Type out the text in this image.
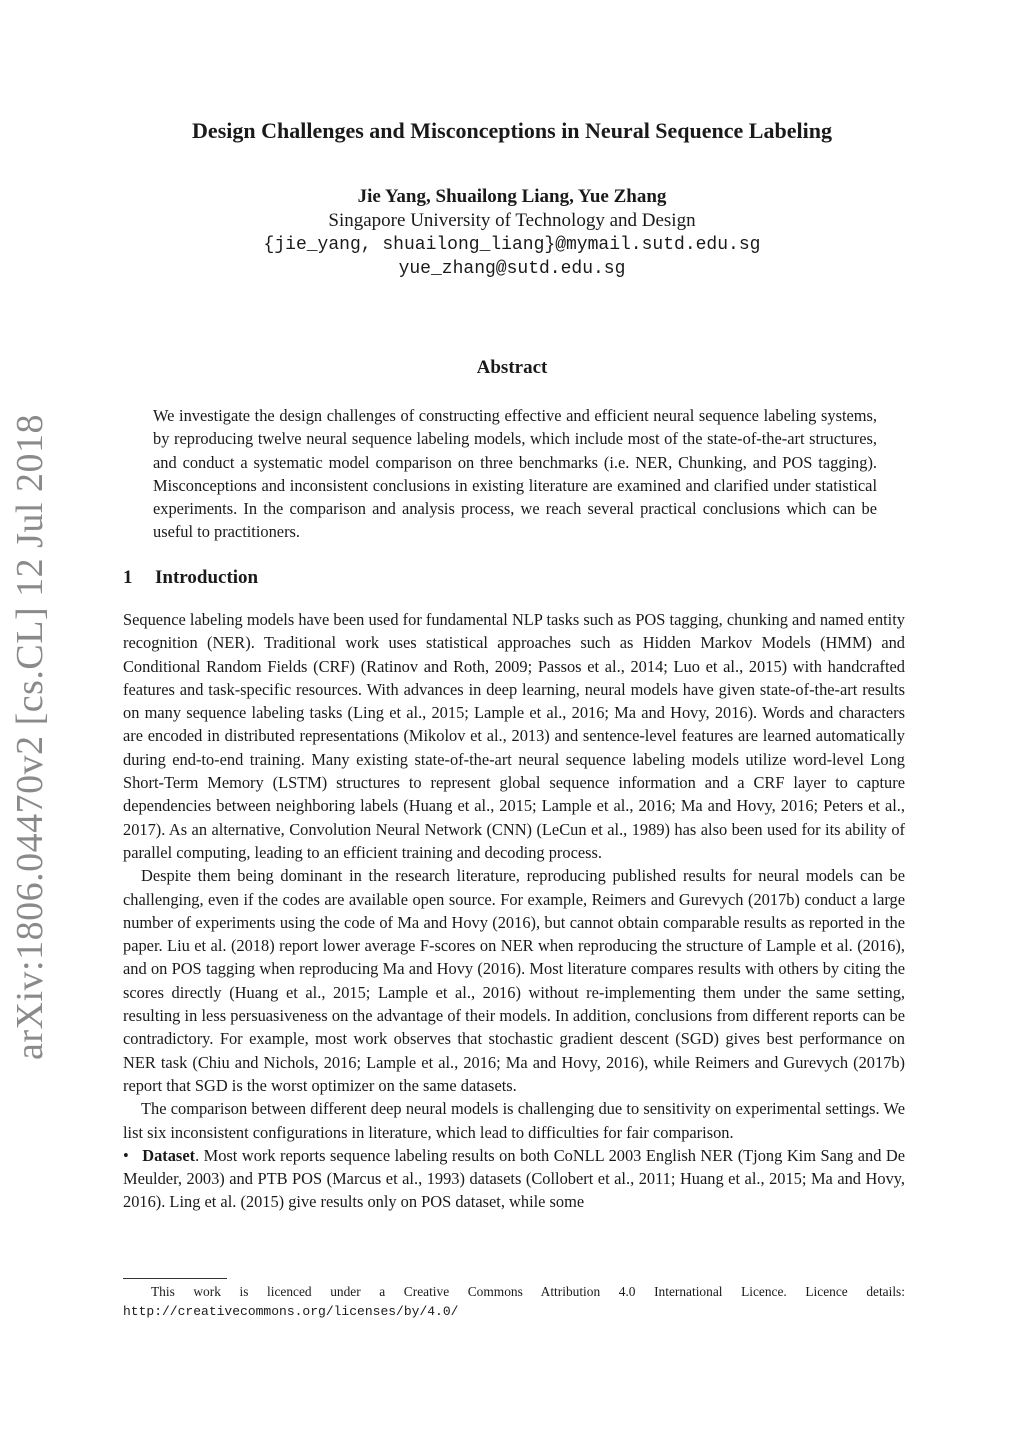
arXiv:1806.04470v2 [cs.CL] 12 Jul 2018
Design Challenges and Misconceptions in Neural Sequence Labeling
Jie Yang, Shuailong Liang, Yue Zhang
Singapore University of Technology and Design
{jie_yang, shuailong_liang}@mymail.sutd.edu.sg
yue_zhang@sutd.edu.sg
Abstract

We investigate the design challenges of constructing effective and efficient neural sequence labeling systems, by reproducing twelve neural sequence labeling models, which include most of the state-of-the-art structures, and conduct a systematic model comparison on three benchmarks (i.e. NER, Chunking, and POS tagging). Misconceptions and inconsistent conclusions in existing literature are examined and clarified under statistical experiments. In the comparison and analysis process, we reach several practical conclusions which can be useful to practitioners.

1 Introduction

Sequence labeling models have been used for fundamental NLP tasks such as POS tagging, chunking and named entity recognition (NER). Traditional work uses statistical approaches such as Hidden Markov Models (HMM) and Conditional Random Fields (CRF) (Ratinov and Roth, 2009; Passos et al., 2014; Luo et al., 2015) with handcrafted features and task-specific resources. With advances in deep learning, neural models have given state-of-the-art results on many sequence labeling tasks (Ling et al., 2015; Lample et al., 2016; Ma and Hovy, 2016). Words and characters are encoded in distributed representations (Mikolov et al., 2013) and sentence-level features are learned automatically during end-to-end training. Many existing state-of-the-art neural sequence labeling models utilize word-level Long Short-Term Memory (LSTM) structures to represent global sequence information and a CRF layer to capture dependencies between neighboring labels (Huang et al., 2015; Lample et al., 2016; Ma and Hovy, 2016; Peters et al., 2017). As an alternative, Convolution Neural Network (CNN) (LeCun et al., 1989) has also been used for its ability of parallel computing, leading to an efficient training and decoding process.

Despite them being dominant in the research literature, reproducing published results for neural models can be challenging, even if the codes are available open source. For example, Reimers and Gurevych (2017b) conduct a large number of experiments using the code of Ma and Hovy (2016), but cannot obtain comparable results as reported in the paper. Liu et al. (2018) report lower average F-scores on NER when reproducing the structure of Lample et al. (2016), and on POS tagging when reproducing Ma and Hovy (2016). Most literature compares results with others by citing the scores directly (Huang et al., 2015; Lample et al., 2016) without re-implementing them under the same setting, resulting in less persuasiveness on the advantage of their models. In addition, conclusions from different reports can be contradictory. For example, most work observes that stochastic gradient descent (SGD) gives best performance on NER task (Chiu and Nichols, 2016; Lample et al., 2016; Ma and Hovy, 2016), while Reimers and Gurevych (2017b) report that SGD is the worst optimizer on the same datasets.

The comparison between different deep neural models is challenging due to sensitivity on experimental settings. We list six inconsistent configurations in literature, which lead to difficulties for fair comparison.

• Dataset. Most work reports sequence labeling results on both CoNLL 2003 English NER (Tjong Kim Sang and De Meulder, 2003) and PTB POS (Marcus et al., 1993) datasets (Collobert et al., 2011; Huang et al., 2015; Ma and Hovy, 2016). Ling et al. (2015) give results only on POS dataset, while some

This work is licenced under a Creative Commons Attribution 4.0 International Licence. Licence details: http://creativecommons.org/licenses/by/4.0/
